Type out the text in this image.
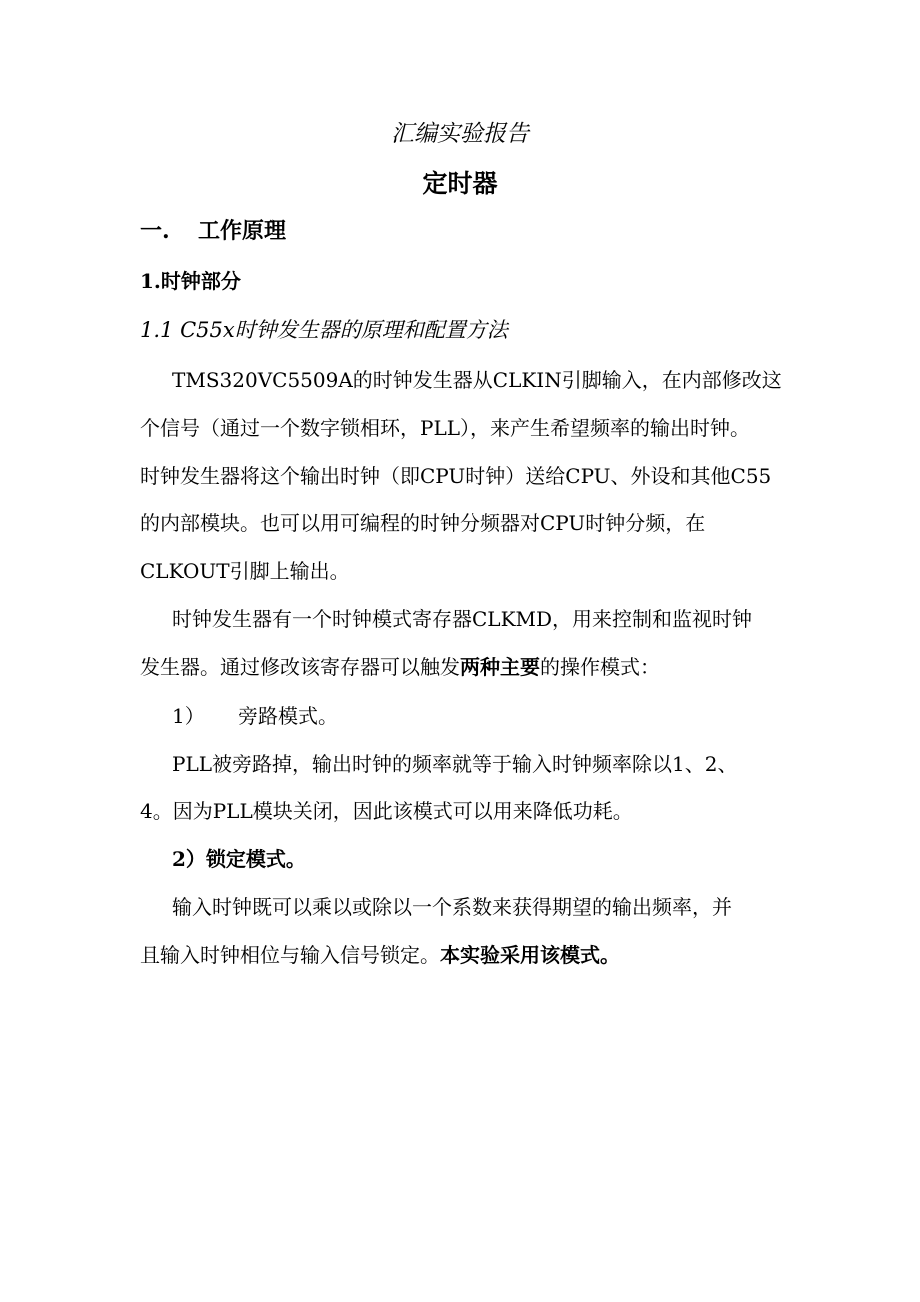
汇编实验报告
定时器
一. 工作原理
1.时钟部分
1.1 C55x时钟发生器的原理和配置方法
TMS320VC5509A的时钟发生器从CLKIN引脚输入，在内部修改这
个信号（通过一个数字锁相环，PLL），来产生希望频率的输出时钟。
时钟发生器将这个输出时钟（即CPU时钟）送给CPU、外设和其他C55
的内部模块。也可以用可编程的时钟分频器对CPU时钟分频，在
CLKOUT引脚上输出。
时钟发生器有一个时钟模式寄存器CLKMD，用来控制和监视时钟
发生器。通过修改该寄存器可以触发两种主要的操作模式：
1） 旁路模式。
PLL被旁路掉，输出时钟的频率就等于输入时钟频率除以1、2、
4。因为PLL模块关闭，因此该模式可以用来降低功耗。
2）锁定模式。
输入时钟既可以乘以或除以一个系数来获得期望的输出频率，并
且输入时钟相位与输入信号锁定。本实验采用该模式。
